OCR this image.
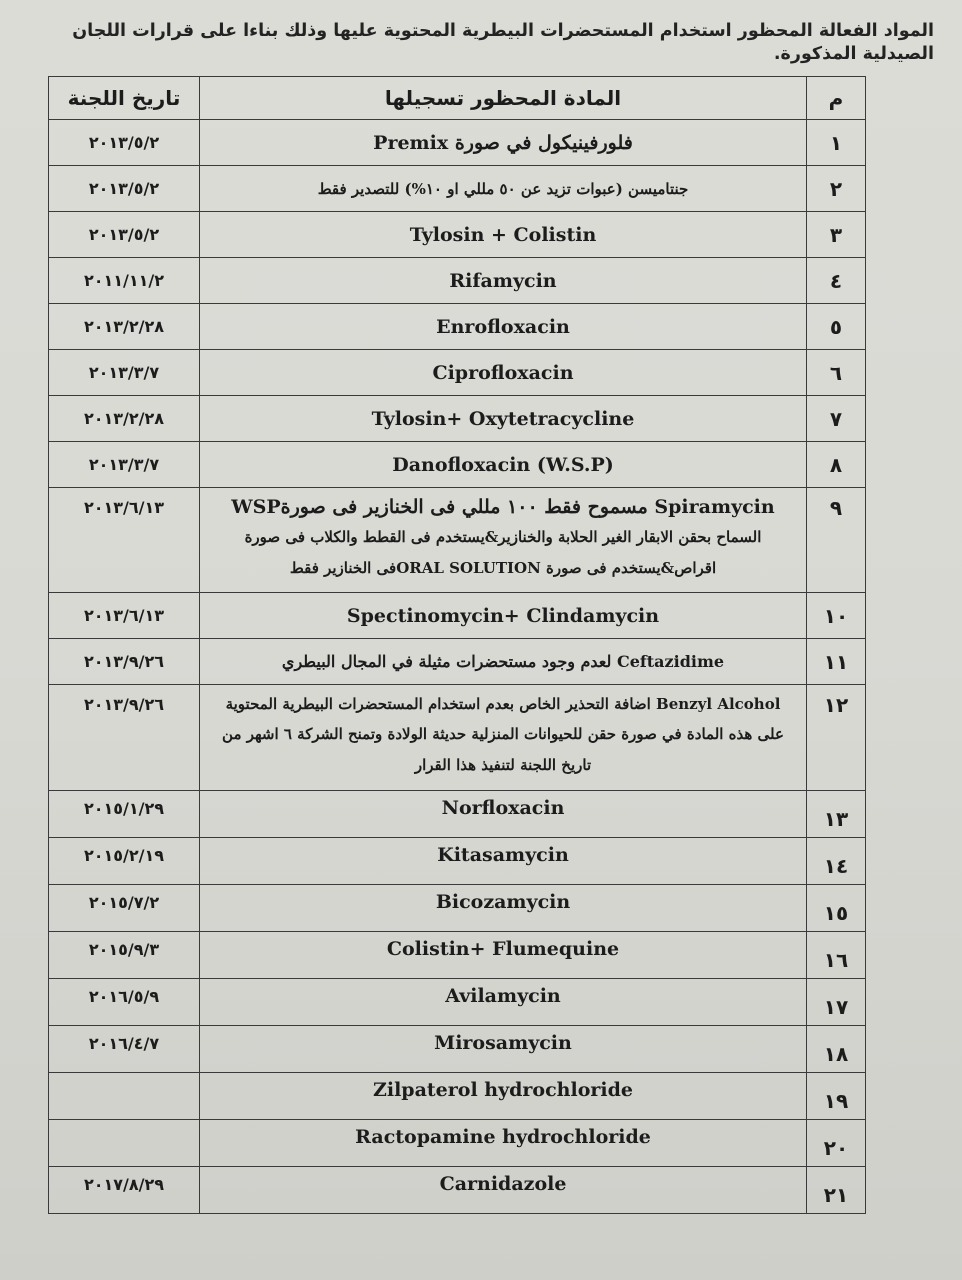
المواد الفعالة المحظور استخدام المستحضرات البيطرية المحتوية عليها وذلك بناءا على قرارات اللجان الصيدلية المذكورة.
م	المادة المحظور تسجيلها	تاريخ اللجنة
١	فلورفينيكول في صورة Premix	٢٠١٣/٥/٢
٢	جنتاميسن (عبوات تزيد عن ٥٠ مللي او ١٠%) للتصدير فقط	٢٠١٣/٥/٢
٣	Tylosin + Colistin	٢٠١٣/٥/٢
٤	Rifamycin	٢٠١١/١١/٢
٥	Enrofloxacin	٢٠١٣/٢/٢٨
٦	Ciprofloxacin	٢٠١٣/٣/٧
٧	Tylosin+ Oxytetracycline	٢٠١٣/٢/٢٨
٨	Danofloxacin (W.S.P)	٢٠١٣/٣/٧
٩	Spiramycin مسموح فقط ١٠٠ مللي فى الخنازير فى صورةWSP
السماح بحقن الابقار الغير الحلابة والخنازير&يستخدم فى القطط والكلاب فى صورة اقراص&يستخدم فى صورة ORAL SOLUTIONفى الخنازير فقط	٢٠١٣/٦/١٣
١٠	Spectinomycin+ Clindamycin	٢٠١٣/٦/١٣
١١	Ceftazidime لعدم وجود مستحضرات مثيلة في المجال البيطري	٢٠١٣/٩/٢٦
١٢	Benzyl Alcohol اضافة التحذير الخاص بعدم استخدام المستحضرات البيطرية المحتوية
على هذه المادة في صورة حقن للحيوانات المنزلية حديثة الولادة وتمنح الشركة ٦ اشهر من تاريخ اللجنة لتنفيذ هذا القرار	٢٠١٣/٩/٢٦
١٣	Norfloxacin	٢٠١٥/١/٢٩
١٤	Kitasamycin	٢٠١٥/٢/١٩
١٥	Bicozamycin	٢٠١٥/٧/٢
١٦	Colistin+ Flumequine	٢٠١٥/٩/٣
١٧	Avilamycin	٢٠١٦/٥/٩
١٨	Mirosamycin	٢٠١٦/٤/٧
١٩	Zilpaterol hydrochloride	
٢٠	Ractopamine hydrochloride	
٢١	Carnidazole	٢٠١٧/٨/٢٩
